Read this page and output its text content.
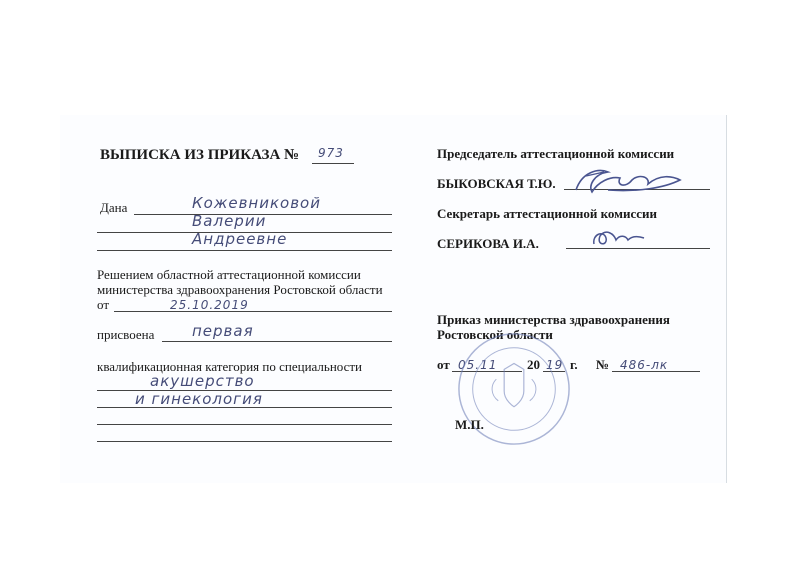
ВЫПИСКА ИЗ ПРИКАЗА № 973
Дана	Кожевниковой
Валерии
Андреевне
Решением областной аттестационной комиссии
министерства здравоохранения Ростовской области
от	25.10.2019
присвоена	первая
квалификационная категория по специальности
акушерство
и гинекология
Председатель аттестационной комиссии
БЫКОВСКАЯ Т.Ю.
Секретарь аттестационной комиссии
СЕРИКОВА И.А.
Приказ министерства здравоохранения
Ростовской области
от 05.11 20 19 г. № 486-лк
М.П.
